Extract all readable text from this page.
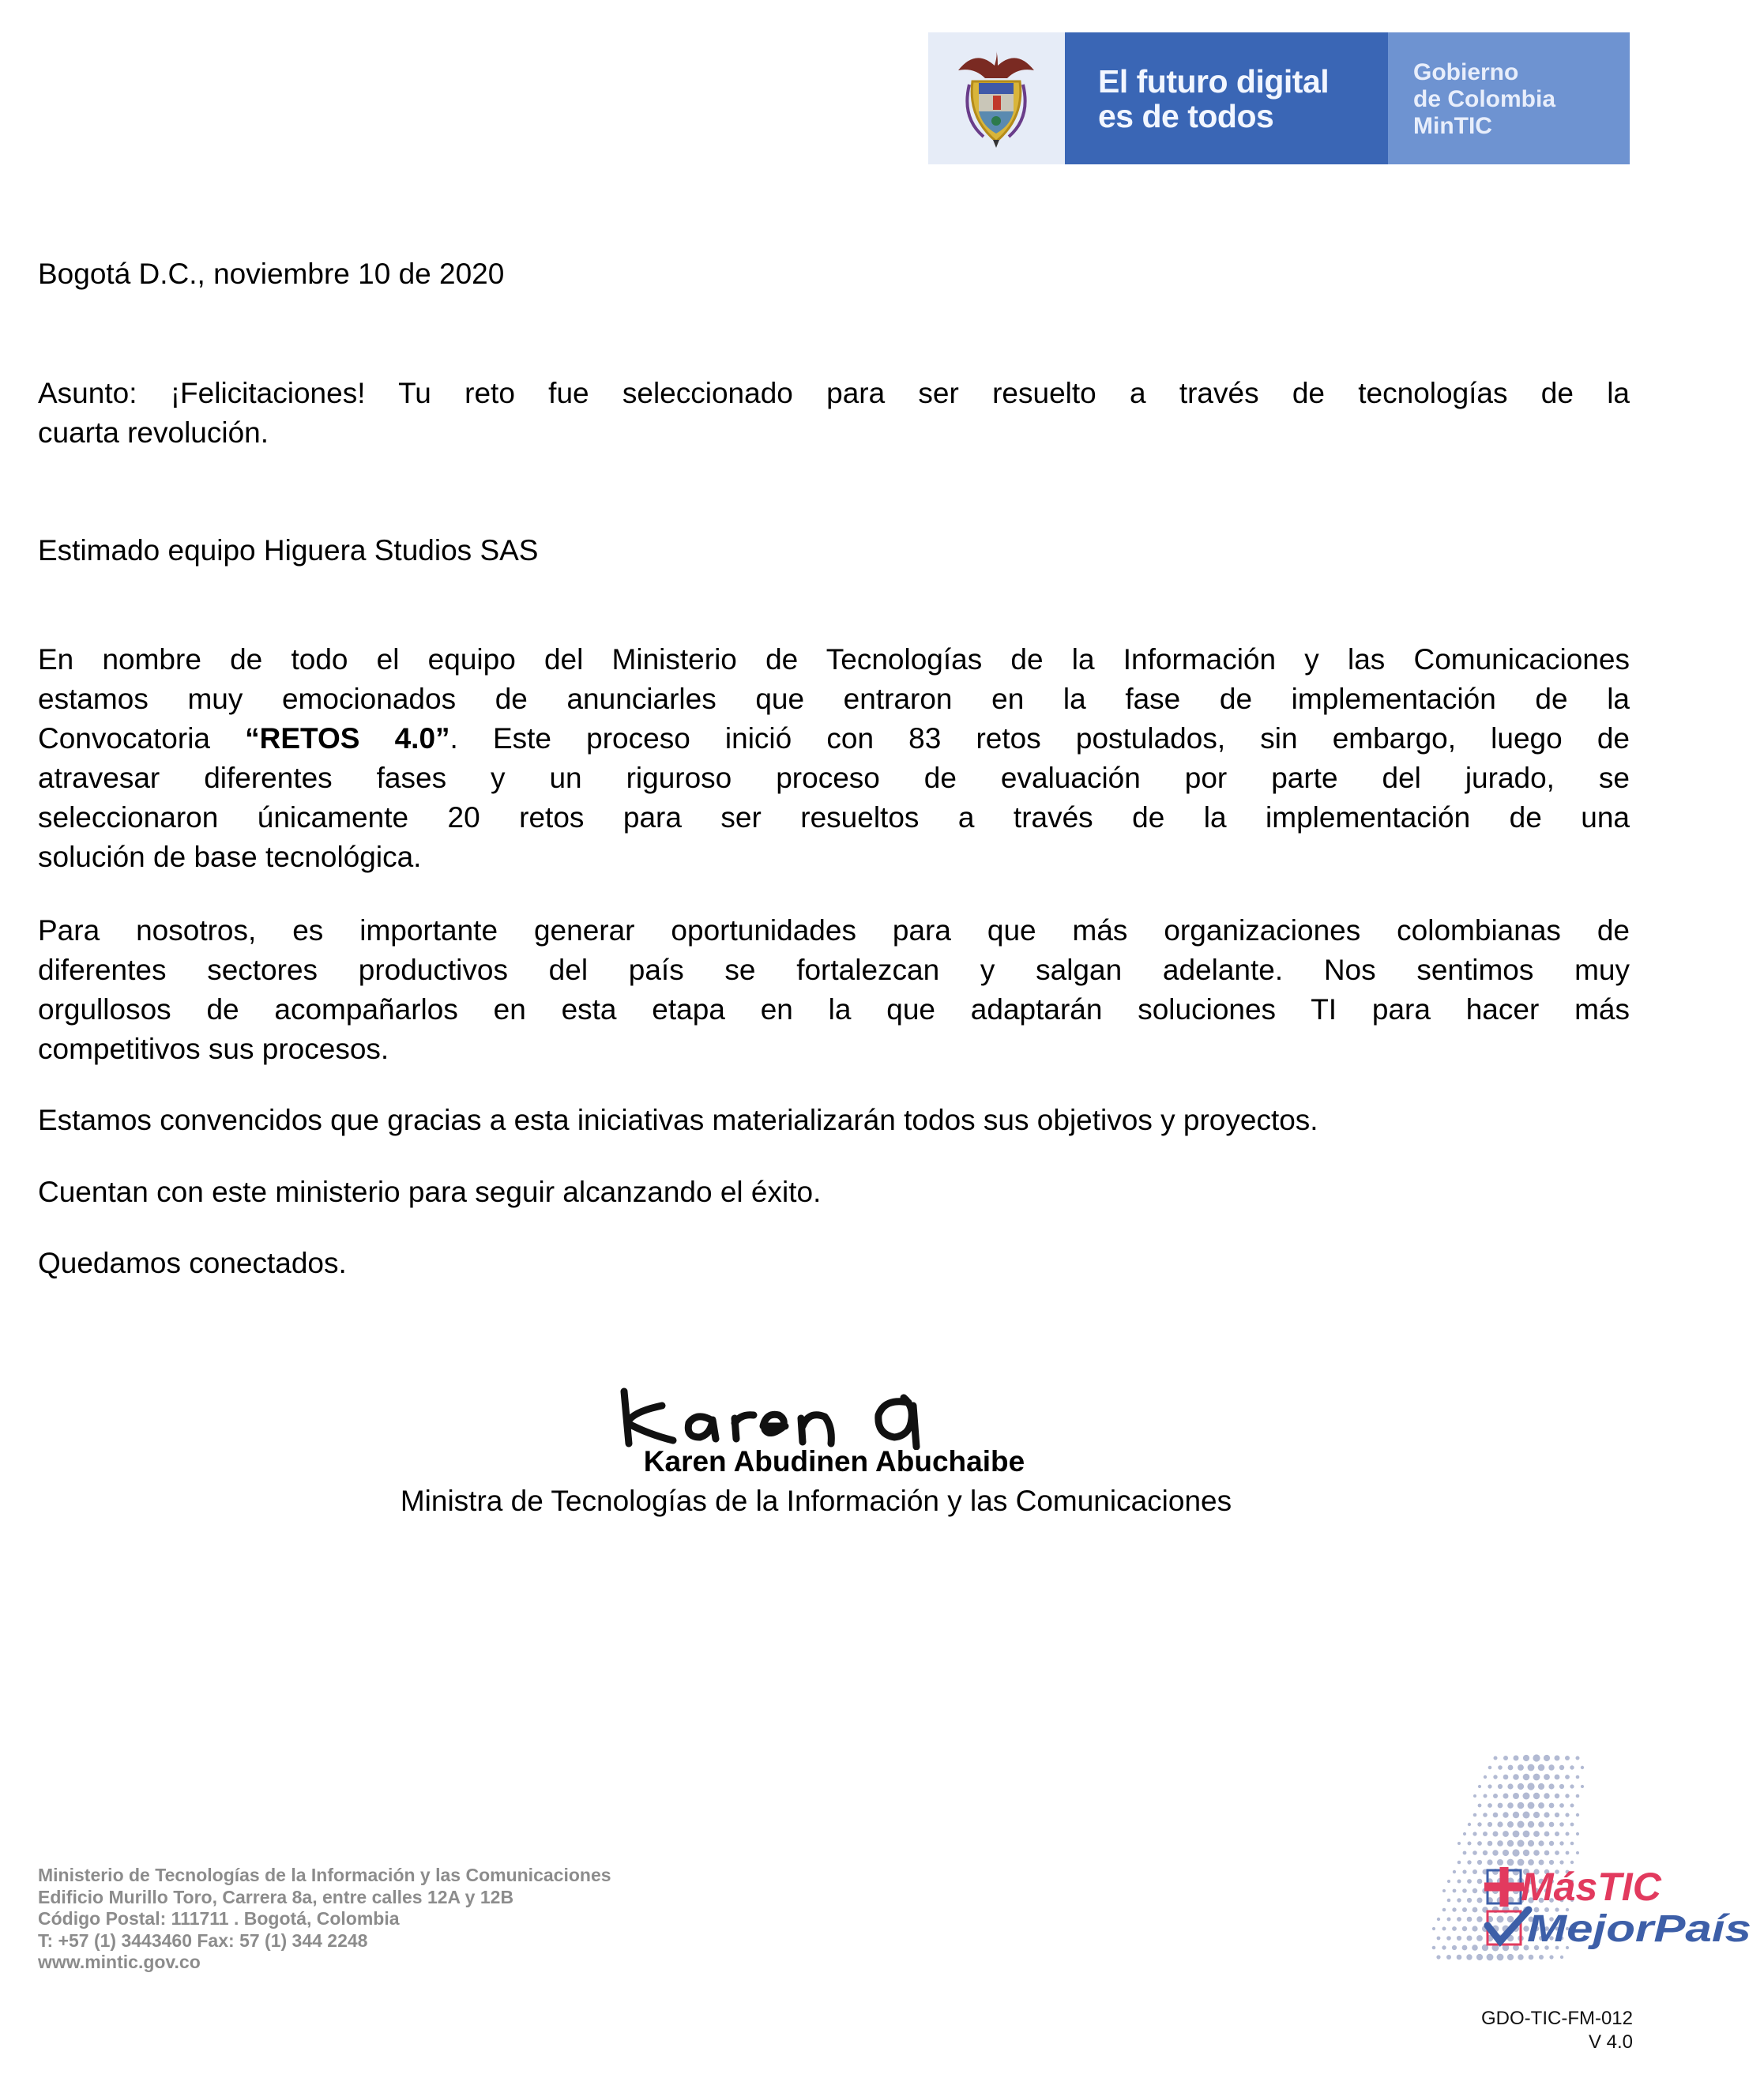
El futuro digital
es de todos
Gobierno
de Colombia
MinTIC
Bogotá D.C., noviembre 10 de 2020
Asunto: ¡Felicitaciones! Tu reto fue seleccionado para ser resuelto a través de tecnologías de la
cuarta revolución.
Estimado equipo Higuera Studios SAS
En nombre de todo el equipo del Ministerio de Tecnologías de la Información y las Comunicaciones
estamos muy emocionados de anunciarles que entraron en la fase de implementación de la
Convocatoria “RETOS 4.0”. Este proceso inició con 83 retos postulados, sin embargo, luego de
atravesar diferentes fases y un riguroso proceso de evaluación por parte del jurado, se
seleccionaron únicamente 20 retos para ser resueltos a través de la implementación de una
solución de base tecnológica.
Para nosotros, es importante generar oportunidades para que más organizaciones colombianas de
diferentes sectores productivos del país se fortalezcan y salgan adelante. Nos sentimos muy
orgullosos de acompañarlos en esta etapa en la que adaptarán soluciones TI para hacer más
competitivos sus procesos.
Estamos convencidos que gracias a esta iniciativas materializarán todos sus objetivos y proyectos.
Cuentan con este ministerio para seguir alcanzando el éxito.
Quedamos conectados.
Karen Abudinen Abuchaibe
Ministra de Tecnologías de la Información y las Comunicaciones
Ministerio de Tecnologías de la Información y las Comunicaciones
Edificio Murillo Toro, Carrera 8a, entre calles 12A y 12B
Código Postal: 111711 . Bogotá, Colombia
T: +57 (1) 3443460 Fax: 57 (1) 344 2248
www.mintic.gov.co
MásTIC
MejorPaís
GDO-TIC-FM-012
V 4.0
